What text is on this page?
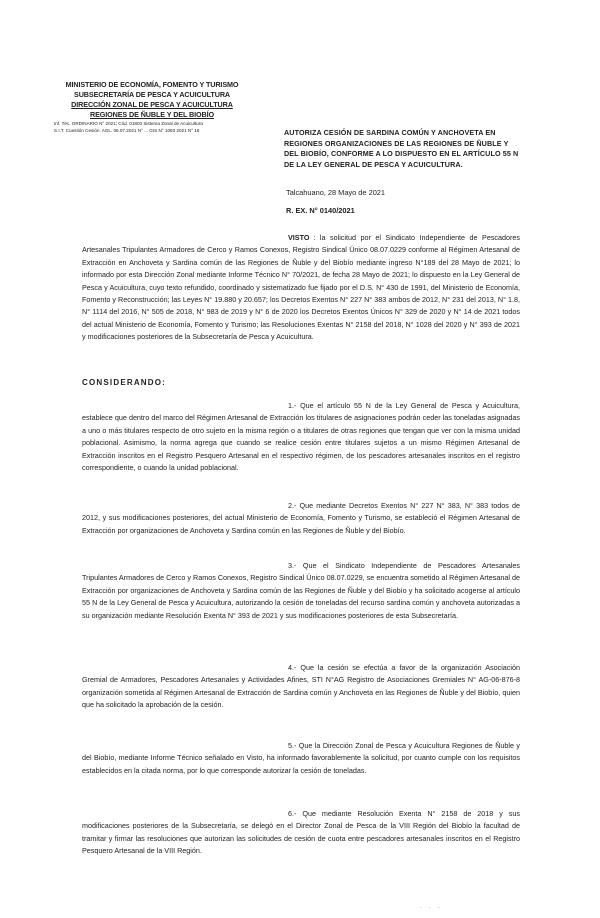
MINISTERIO DE ECONOMÍA, FOMENTO Y TURISMO
SUBSECRETARÍA DE PESCA Y ACUICULTURA
DIRECCIÓN ZONAL DE PESCA Y ACUICULTURA
REGIONES DE ÑUBLE Y DEL BIOBÍO
Inf. Téc. ORDINARIO N° 2021; Cód. 01803 Sistema Zonal de Acuicultura
S.I.T. Cuestión Cesión. AGL. 06.07.2021 N° ... GIS N° 1093 2021 N° 16	AUTORIZA CESIÓN DE SARDINA COMÚN Y ANCHOVETA EN REGIONES ORGANIZACIONES DE LAS REGIONES DE ÑUBLE Y DEL BIOBÍO, CONFORME A LO DISPUESTO EN EL ARTÍCULO 55 N DE LA LEY GENERAL DE PESCA Y ACUICULTURA.
Talcahuano, 28 Mayo de 2021
R. EX. N° 0140/2021
VISTO : la solicitud por el Sindicato Independiente de Pescadores Artesanales Tripulantes Armadores de Cerco y Ramos Conexos, Registro Sindical Único 08.07.0229 conforme al Régimen Artesanal de Extracción en Anchoveta y Sardina común de las Regiones de Ñuble y del Biobío mediante ingreso N°189 del 28 Mayo de 2021; lo informado por esta Dirección Zonal mediante Informe Técnico N° 70/2021, de fecha 28 Mayo de 2021; lo dispuesto en la Ley General de Pesca y Acuicultura, cuyo texto refundido, coordinado y sistematizado fue fijado por el D.S. N° 430 de 1991, del Ministerio de Economía, Fomento y Reconstrucción; las Leyes N° 19.880 y 20.657; los Decretos Exentos N° 227 N° 383 ambos de 2012, N° 231 del 2013, N° 1.8, N° 1114 del 2016, N° 505 de 2018, N° 983 de 2019 y N° 6 de 2020 los Decretos Exentos Únicos N° 329 de 2020 y N° 14 de 2021 todos del actual Ministerio de Economía, Fomento y Turismo; las Resoluciones Exentas N° 2158 del 2018, N° 1028 del 2020 y N° 393 de 2021 y modificaciones posteriores de la Subsecretaría de Pesca y Acuicultura.
CONSIDERANDO:
1.- Que el artículo 55 N de la Ley General de Pesca y Acuicultura, establece que dentro del marco del Régimen Artesanal de Extracción los titulares de asignaciones podrán ceder las toneladas asignadas a uno o más titulares respecto de otro sujeto en la misma región o a titulares de otras regiones que tengan que ver con la misma unidad poblacional. Asimismo, la norma agrega que cuando se realice cesión entre titulares sujetos a un mismo Régimen Artesanal de Extracción inscritos en el Registro Pesquero Artesanal en el respectivo régimen, de los pescadores artesanales inscritos en el registro correspondiente, o cuando la unidad poblacional.
2.- Que mediante Decretos Exentos N° 227 N° 383, N° 383 todos de 2012, y sus modificaciones posteriores, del actual Ministerio de Economía, Fomento y Turismo, se estableció el Régimen Artesanal de Extracción por organizaciones de Anchoveta y Sardina común en las Regiones de Ñuble y del Biobío.
3.- Que el Sindicato Independiente de Pescadores Artesanales Tripulantes Armadores de Cerco y Ramos Conexos, Registro Sindical Único 08.07.0229, se encuentra sometido al Régimen Artesanal de Extracción por organizaciones de Anchoveta y Sardina común de las Regiones de Ñuble y del Biobío y ha solicitado acogerse al artículo 55 N de la Ley General de Pesca y Acuicultura, autorizando la cesión de toneladas del recurso sardina común y anchoveta autorizadas a su organización mediante Resolución Exenta N° 393 de 2021 y sus modificaciones posteriores de esta Subsecretaría.
4.- Que la cesión se efectúa a favor de la organización Asociación Gremial de Armadores, Pescadores Artesanales y Actividades Afines, STI N°AG Registro de Asociaciones Gremiales N° AG-06-876-8 organización sometida al Régimen Artesanal de Extracción de Sardina común y Anchoveta en las Regiones de Ñuble y del Biobío, quien que ha solicitado la aprobación de la cesión.
5.- Que la Dirección Zonal de Pesca y Acuicultura Regiones de Ñuble y del Biobío, mediante Informe Técnico señalado en Visto, ha informado favorablemente la solicitud, por cuanto cumple con los requisitos establecidos en la citada norma, por lo que corresponde autorizar la cesión de toneladas.
6.- Que mediante Resolución Exenta N° 2158 de 2018 y sus modificaciones posteriores de la Subsecretaría, se delegó en el Director Zonal de Pesca de la VIII Región del Biobío la facultad de tramitar y firmar las resoluciones que autorizan las solicitudes de cesión de cuota entre pescadores artesanales inscritos en el Registro Pesquero Artesanal de la VIII Región.
· · ·
